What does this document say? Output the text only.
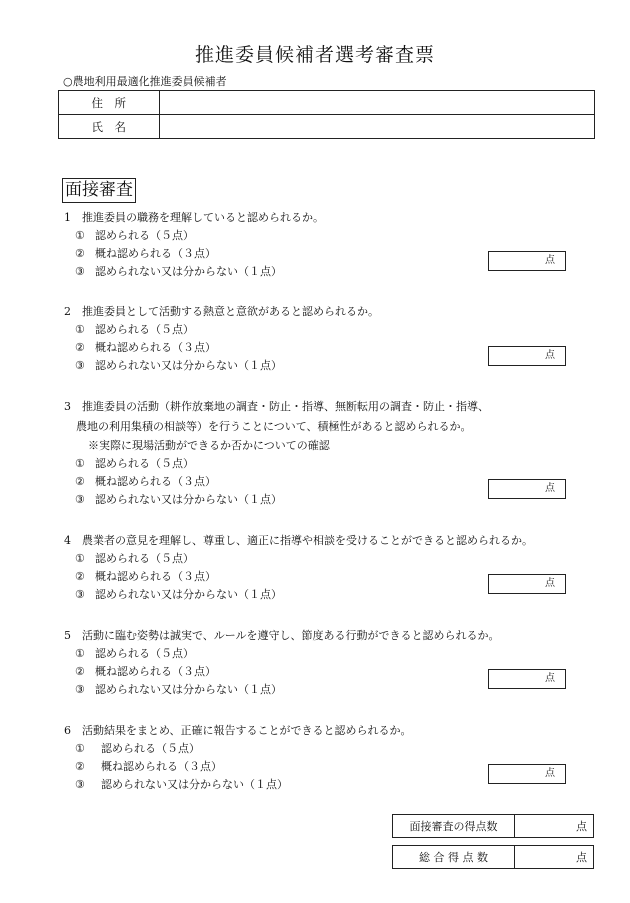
推進委員候補者選考審査票
○農地利用最適化推進委員候補者
住　所	
氏　名	
面接審査
1　推進委員の職務を理解していると認められるか。
① 認められる（５点）
② 概ね認められる（３点）
③ 認められない又は分からない（１点）
点
2　推進委員として活動する熱意と意欲があると認められるか。
① 認められる（５点）
② 概ね認められる（３点）
③ 認められない又は分からない（１点）
点
3　推進委員の活動（耕作放棄地の調査・防止・指導、無断転用の調査・防止・指導、
農地の利用集積の相談等）を行うことについて、積極性があると認められるか。
※実際に現場活動ができるか否かについての確認
① 認められる（５点）
② 概ね認められる（３点）
③ 認められない又は分からない（１点）
点
4　農業者の意見を理解し、尊重し、適正に指導や相談を受けることができると認められるか。
① 認められる（５点）
② 概ね認められる（３点）
③ 認められない又は分からない（１点）
点
5　活動に臨む姿勢は誠実で、ルールを遵守し、節度ある行動ができると認められるか。
① 認められる（５点）
② 概ね認められる（３点）
③ 認められない又は分からない（１点）
点
6　活動結果をまとめ、正確に報告することができると認められるか。
① 認められる（５点）
② 概ね認められる（３点）
③ 認められない又は分からない（１点）
点
面接審査の得点数	点
総 合 得 点 数	点
